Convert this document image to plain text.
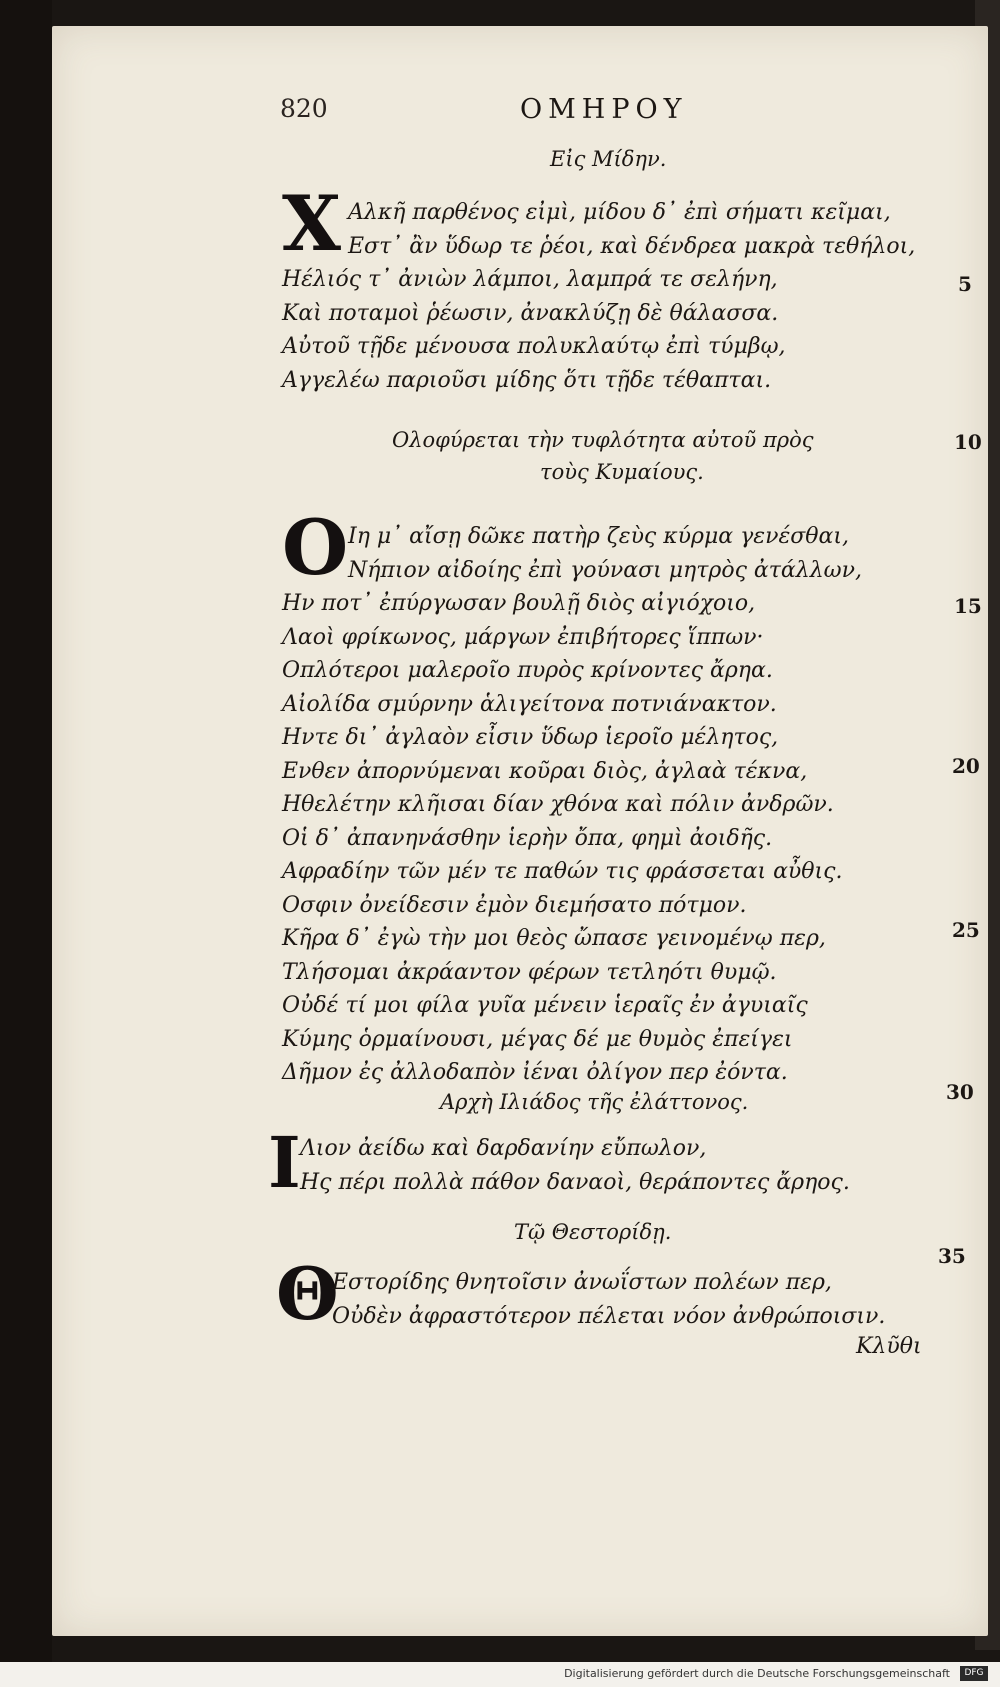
820	ΟΜΗΡΟΥ
Εἰς Μίδην.
Χ Αλκῆ παρθένος εἰμὶ, μίδου δ᾽ ἐπὶ σήματι κεῖμαι,
Εστ᾽ ἂν ὕδωρ τε ῥέοι, καὶ δένδρεα μακρὰ τεθήλοι,
Ηέλιός τ᾽ ἀνιὼν λάμποι, λαμπρά τε σελήνη,
Καὶ ποταμοὶ ῥέωσιν, ἀνακλύζῃ δὲ θάλασσα.
Αὐτοῦ τῇδε μένουσα πολυκλαύτῳ ἐπὶ τύμβῳ,
Αγγελέω παριοῦσι μίδης ὅτι τῇδε τέθαπται.
Ολοφύρεται τὴν τυφλότητα αὐτοῦ πρὸς
τοὺς Κυμαίους.
Ο Ιη μ᾽ αἴσῃ δῶκε πατὴρ ζεὺς κύρμα γενέσθαι,
Νήπιον αἰδοίης ἐπὶ γούνασι μητρὸς ἀτάλλων,
Ην ποτ᾽ ἐπύργωσαν βουλῇ διὸς αἰγιόχοιο,
Λαοὶ φρίκωνος, μάργων ἐπιβήτορες ἵππων·
Οπλότεροι μαλεροῖο πυρὸς κρίνοντες ἄρηα.
Αἰολίδα σμύρνην ἁλιγείτονα ποτνιάνακτον.
Ηντε δι᾽ ἀγλαὸν εἶσιν ὕδωρ ἱεροῖο μέλητος,
Ενθεν ἀπορνύμεναι κοῦραι διὸς, ἀγλαὰ τέκνα,
Ηθελέτην κλῆισαι δίαν χθόνα καὶ πόλιν ἀνδρῶν.
Οἱ δ᾽ ἀπανηνάσθην ἱερὴν ὄπα, φημὶ ἀοιδῆς.
Αφραδίην τῶν μέν τε παθών τις φράσσεται αὖθις.
Οσφιν ὀνείδεσιν ἐμὸν διεμήσατο πότμον.
Κῆρα δ᾽ ἐγὼ τὴν μοι θεὸς ὤπασε γεινομένῳ περ,
Τλήσομαι ἀκράαντον φέρων τετληότι θυμῷ.
Οὐδέ τί μοι φίλα γυῖα μένειν ἱεραῖς ἐν ἀγυιαῖς
Κύμης ὁρμαίνουσι, μέγας δέ με θυμὸς ἐπείγει
Δῆμον ἐς ἀλλοδαπὸν ἰέναι ὀλίγον περ ἐόντα.
Αρχὴ Ιλιάδος τῆς ἐλάττονος.
Ι Λιον ἀείδω καὶ δαρδανίην εὔπωλον,
Ης πέρι πολλὰ πάθον δαναοὶ, θεράποντες ἄρηος.
Τῷ Θεστορίδῃ.
Θ
Εστορίδης θνητοῖσιν ἀνωΐστων πολέων περ,
Οὐδὲν ἀφραστότερον πέλεται νόον ἀνθρώποισιν.
5
10
15
20
25
30
35
Κλῦθι
Digitalisierung gefördert durch die Deutsche Forschungsgemeinschaft	DFG
